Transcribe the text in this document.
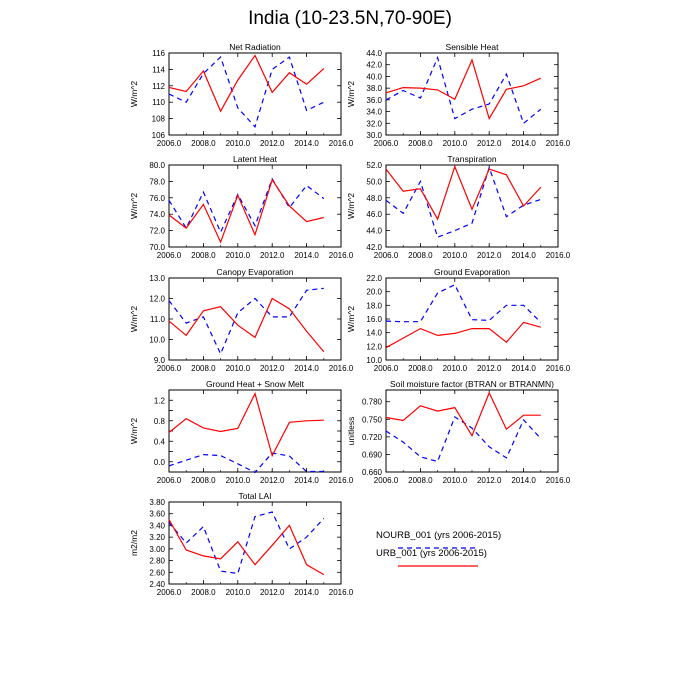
India (10-23.5N,70-90E)
Net Radiation
2006.0 2008.0 2010.0 2012.0 2014.0 2016.0
106
108
110
112
114
116
W/m^2
Sensible Heat
2006.0 2008.0 2010.0 2012.0 2014.0 2016.0
30.0
32.0
34.0
36.0
38.0
40.0
42.0
44.0
W/m^2
Latent Heat
2006.0 2008.0 2010.0 2012.0 2014.0 2016.0
70.0
72.0
74.0
76.0
78.0
80.0
W/m^2
Transpiration
2006.0 2008.0 2010.0 2012.0 2014.0 2016.0
42.0
44.0
46.0
48.0
50.0
52.0
W/m^2
Canopy Evaporation
2006.0 2008.0 2010.0 2012.0 2014.0 2016.0
9.0
10.0
11.0
12.0
13.0
W/m^2
Ground Evaporation
2006.0 2008.0 2010.0 2012.0 2014.0 2016.0
10.0
12.0
14.0
16.0
18.0
20.0
22.0
W/m^2
Ground Heat + Snow Melt
2006.0 2008.0 2010.0 2012.0 2014.0 2016.0
0.0
0.4
0.8
1.2
W/m^2
Soil moisture factor (BTRAN or BTRANMN)
2006.0 2008.0 2010.0 2012.0 2014.0 2016.0
0.660
0.690
0.720
0.750
0.780
unitless
Total LAI
2006.0 2008.0 2010.0 2012.0 2014.0 2016.0
2.40
2.60
2.80
3.00
3.20
3.40
3.60
3.80
m2/m2	NOURB_001 (yrs 2006-2015)
URB_001 (yrs 2006-2015)
